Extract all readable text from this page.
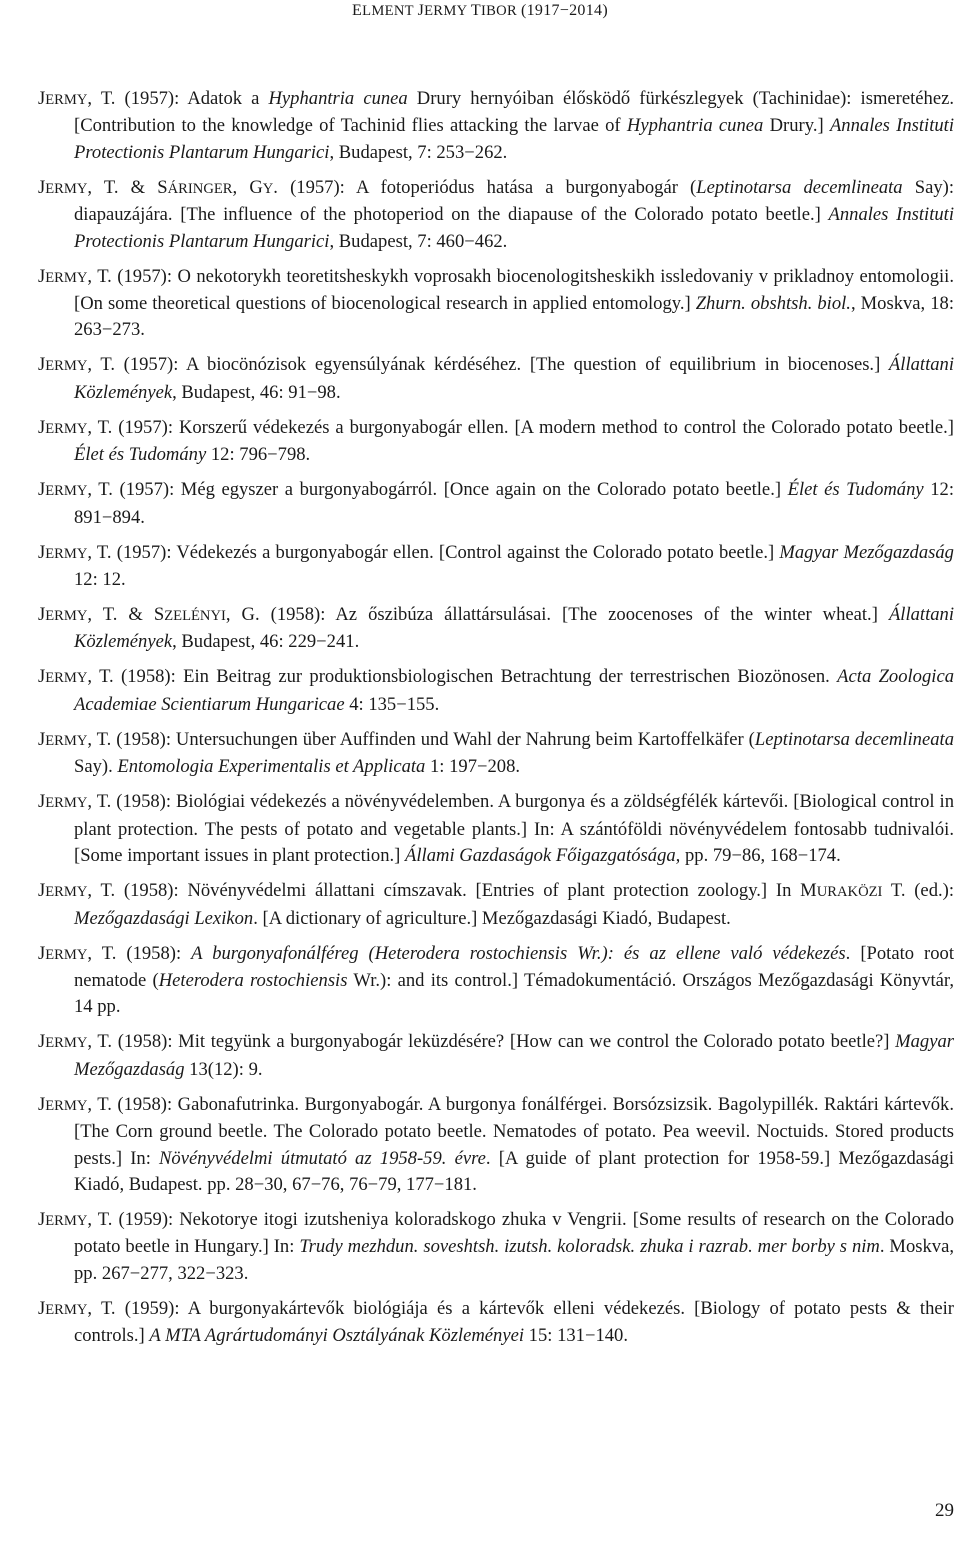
ELMENT JERMY TIBOR (1917−2014)

JERMY, T. (1957): Adatok a Hyphantria cunea Drury hernyóiban élősködő fürkészlegyek (Tachinidae): ismeretéhez. [Contribution to the knowledge of Tachinid flies attacking the larvae of Hyphantria cunea Drury.] Annales Instituti Protectionis Plantarum Hungarici, Budapest, 7: 253−262.

JERMY, T. & SÁRINGER, GY. (1957): A fotoperiódus hatása a burgonyabogár (Leptinotarsa decemlineata Say): diapauzájára. [The influence of the photoperiod on the diapause of the Colorado potato beetle.] Annales Instituti Protectionis Plantarum Hungarici, Budapest, 7: 460−462.

JERMY, T. (1957): O nekotorykh teoretitsheskykh voprosakh biocenologitsheskikh issledovaniy v prikladnoy entomologii. [On some theoretical questions of biocenological research in applied entomology.] Zhurn. obshtsh. biol., Moskva, 18: 263−273.

JERMY, T. (1957): A biocönózisok egyensúlyának kérdéséhez. [The question of equilibrium in biocenoses.] Állattani Közlemények, Budapest, 46: 91−98.

JERMY, T. (1957): Korszerű védekezés a burgonyabogár ellen. [A modern method to control the Colorado potato beetle.] Élet és Tudomány 12: 796−798.

JERMY, T. (1957): Még egyszer a burgonyabogárról. [Once again on the Colorado potato beetle.] Élet és Tudomány 12: 891−894.

JERMY, T. (1957): Védekezés a burgonyabogár ellen. [Control against the Colorado potato beetle.] Magyar Mezőgazdaság 12: 12.

JERMY, T. & SZELÉNYI, G. (1958): Az őszibúza állattársulásai. [The zoocenoses of the winter wheat.] Állattani Közlemények, Budapest, 46: 229−241.

JERMY, T. (1958): Ein Beitrag zur produktionsbiologischen Betrachtung der terrestrischen Biozönosen. Acta Zoologica Academiae Scientiarum Hungaricae 4: 135−155.

JERMY, T. (1958): Untersuchungen über Auffinden und Wahl der Nahrung beim Kartoffelkäfer (Leptinotarsa decemlineata Say). Entomologia Experimentalis et Applicata 1: 197−208.

JERMY, T. (1958): Biológiai védekezés a növényvédelemben. A burgonya és a zöldségfélék kártevői. [Biological control in plant protection. The pests of potato and vegetable plants.] In: A szántóföldi növényvédelem fontosabb tudnivalói. [Some important issues in plant protection.] Állami Gazdaságok Főigazgatósága, pp. 79−86, 168−174.

JERMY, T. (1958): Növényvédelmi állattani címszavak. [Entries of plant protection zoology.] In MURAKÖZI T. (ed.): Mezőgazdasági Lexikon. [A dictionary of agriculture.] Mezőgazdasági Kiadó, Budapest.

JERMY, T. (1958): A burgonyafonálféreg (Heterodera rostochiensis Wr.): és az ellene való védekezés. [Potato root nematode (Heterodera rostochiensis Wr.): and its control.] Témadokumentáció. Országos Mezőgazdasági Könyvtár, 14 pp.

JERMY, T. (1958): Mit tegyünk a burgonyabogár leküzdésére? [How can we control the Colorado potato beetle?] Magyar Mezőgazdaság 13(12): 9.

JERMY, T. (1958): Gabonafutrinka. Burgonyabogár. A burgonya fonálférgei. Borsózsizsik. Bagolypillék. Raktári kártevők. [The Corn ground beetle. The Colorado potato beetle. Nematodes of potato. Pea weevil. Noctuids. Stored products pests.] In: Növényvédelmi útmutató az 1958-59. évre. [A guide of plant protection for 1958-59.] Mezőgazdasági Kiadó, Budapest. pp. 28−30, 67−76, 76−79, 177−181.

JERMY, T. (1959): Nekotorye itogi izutsheniya koloradskogo zhuka v Vengrii. [Some results of research on the Colorado potato beetle in Hungary.] In: Trudy mezhdun. soveshtsh. izutsh. koloradsk. zhuka i razrab. mer borby s nim. Moskva, pp. 267−277, 322−323.

JERMY, T. (1959): A burgonyakártevők biológiája és a kártevők elleni védekezés. [Biology of potato pests & their controls.] A MTA Agrártudományi Osztályának Közleményei 15: 131−140.

29
